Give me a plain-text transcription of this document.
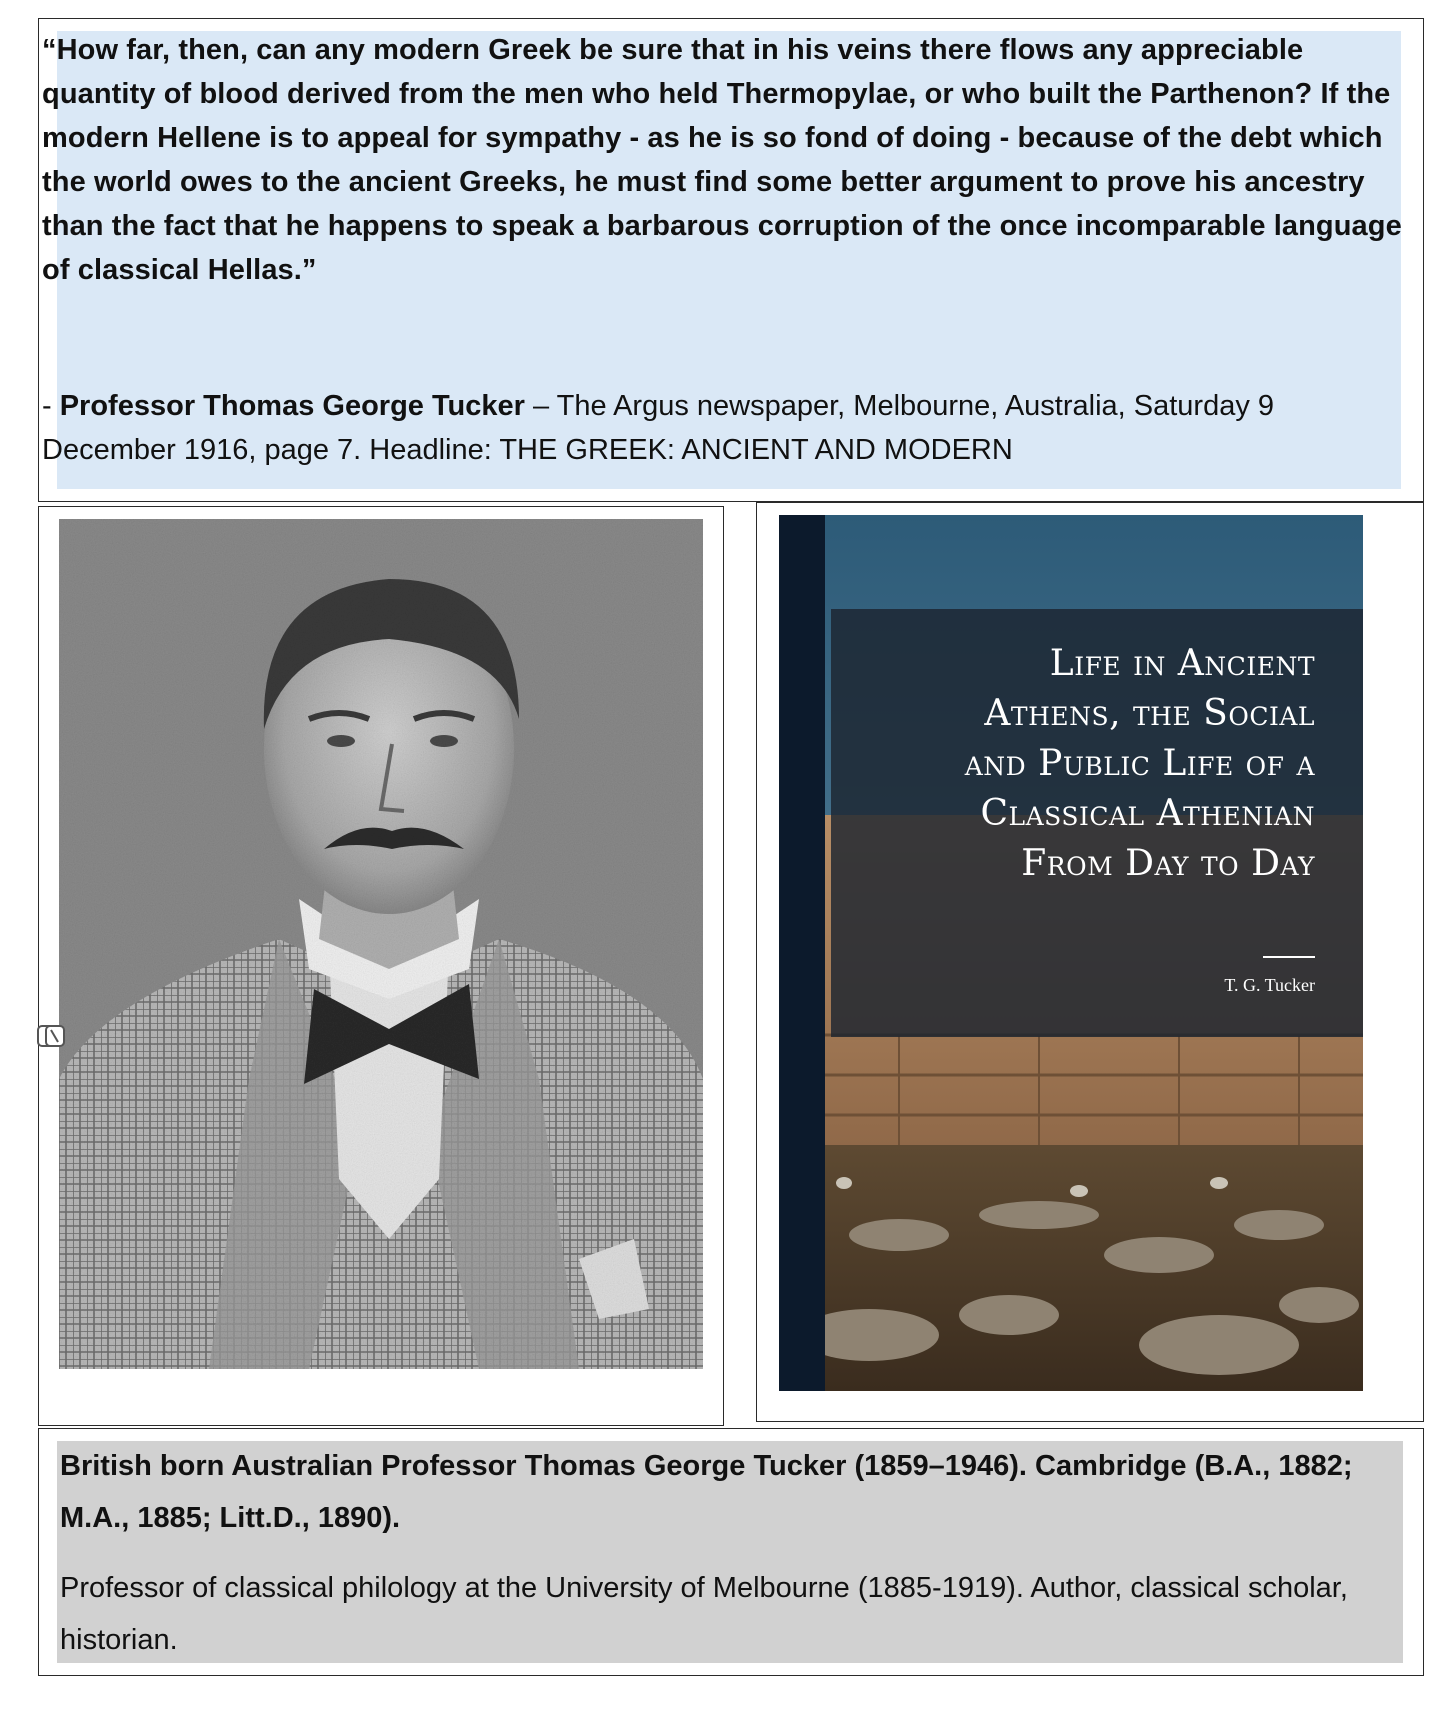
“How far, then, can any modern Greek be sure that in his veins there flows any appreciable quantity of blood derived from the men who held Thermopylae, or who built the Parthenon? If the modern Hellene is to appeal for sympathy - as he is so fond of doing - because of the debt which the world owes to the ancient Greeks, he must find some better argument to prove his ancestry than the fact that he happens to speak a barbarous corruption of the once incomparable language of classical Hellas.”

- Professor Thomas George Tucker – The Argus newspaper, Melbourne, Australia, Saturday 9 December 1916, page 7. Headline: THE GREEK: ANCIENT AND MODERN

Life in Ancient
Athens, the Social
and Public Life of a
Classical Athenian
From Day to Day

T. G. Tucker

British born Australian Professor Thomas George Tucker (1859–1946). Cambridge (B.A., 1882; M.A., 1885; Litt.D., 1890).

Professor of classical philology at the University of Melbourne (1885-1919). Author, classical scholar, historian.
